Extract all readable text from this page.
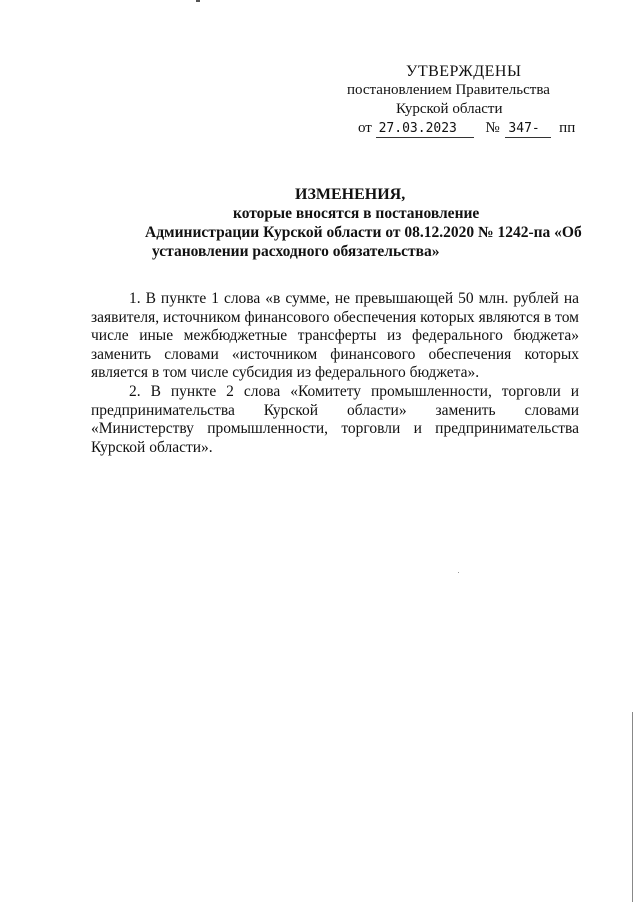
УТВЕРЖДЕНЫ
постановлением Правительства
Курской области
от 27.03.2023 № 347- пп
ИЗМЕНЕНИЯ,
которые вносятся в постановление
Администрации Курской области от 08.12.2020 № 1242-па «Об
установлении расходного обязательства»

1. В пункте 1 слова «в сумме, не превышающей 50 млн. рублей на заявителя, источником финансового обеспечения которых являются в том числе иные межбюджетные трансферты из федерального бюджета» заменить словами «источником финансового обеспечения которых является в том числе субсидия из федерального бюджета».

2. В пункте 2 слова «Комитету промышленности, торговли и предпринимательства Курской области» заменить словами «Министерству промышленности, торговли и предпринимательства Курской области».
